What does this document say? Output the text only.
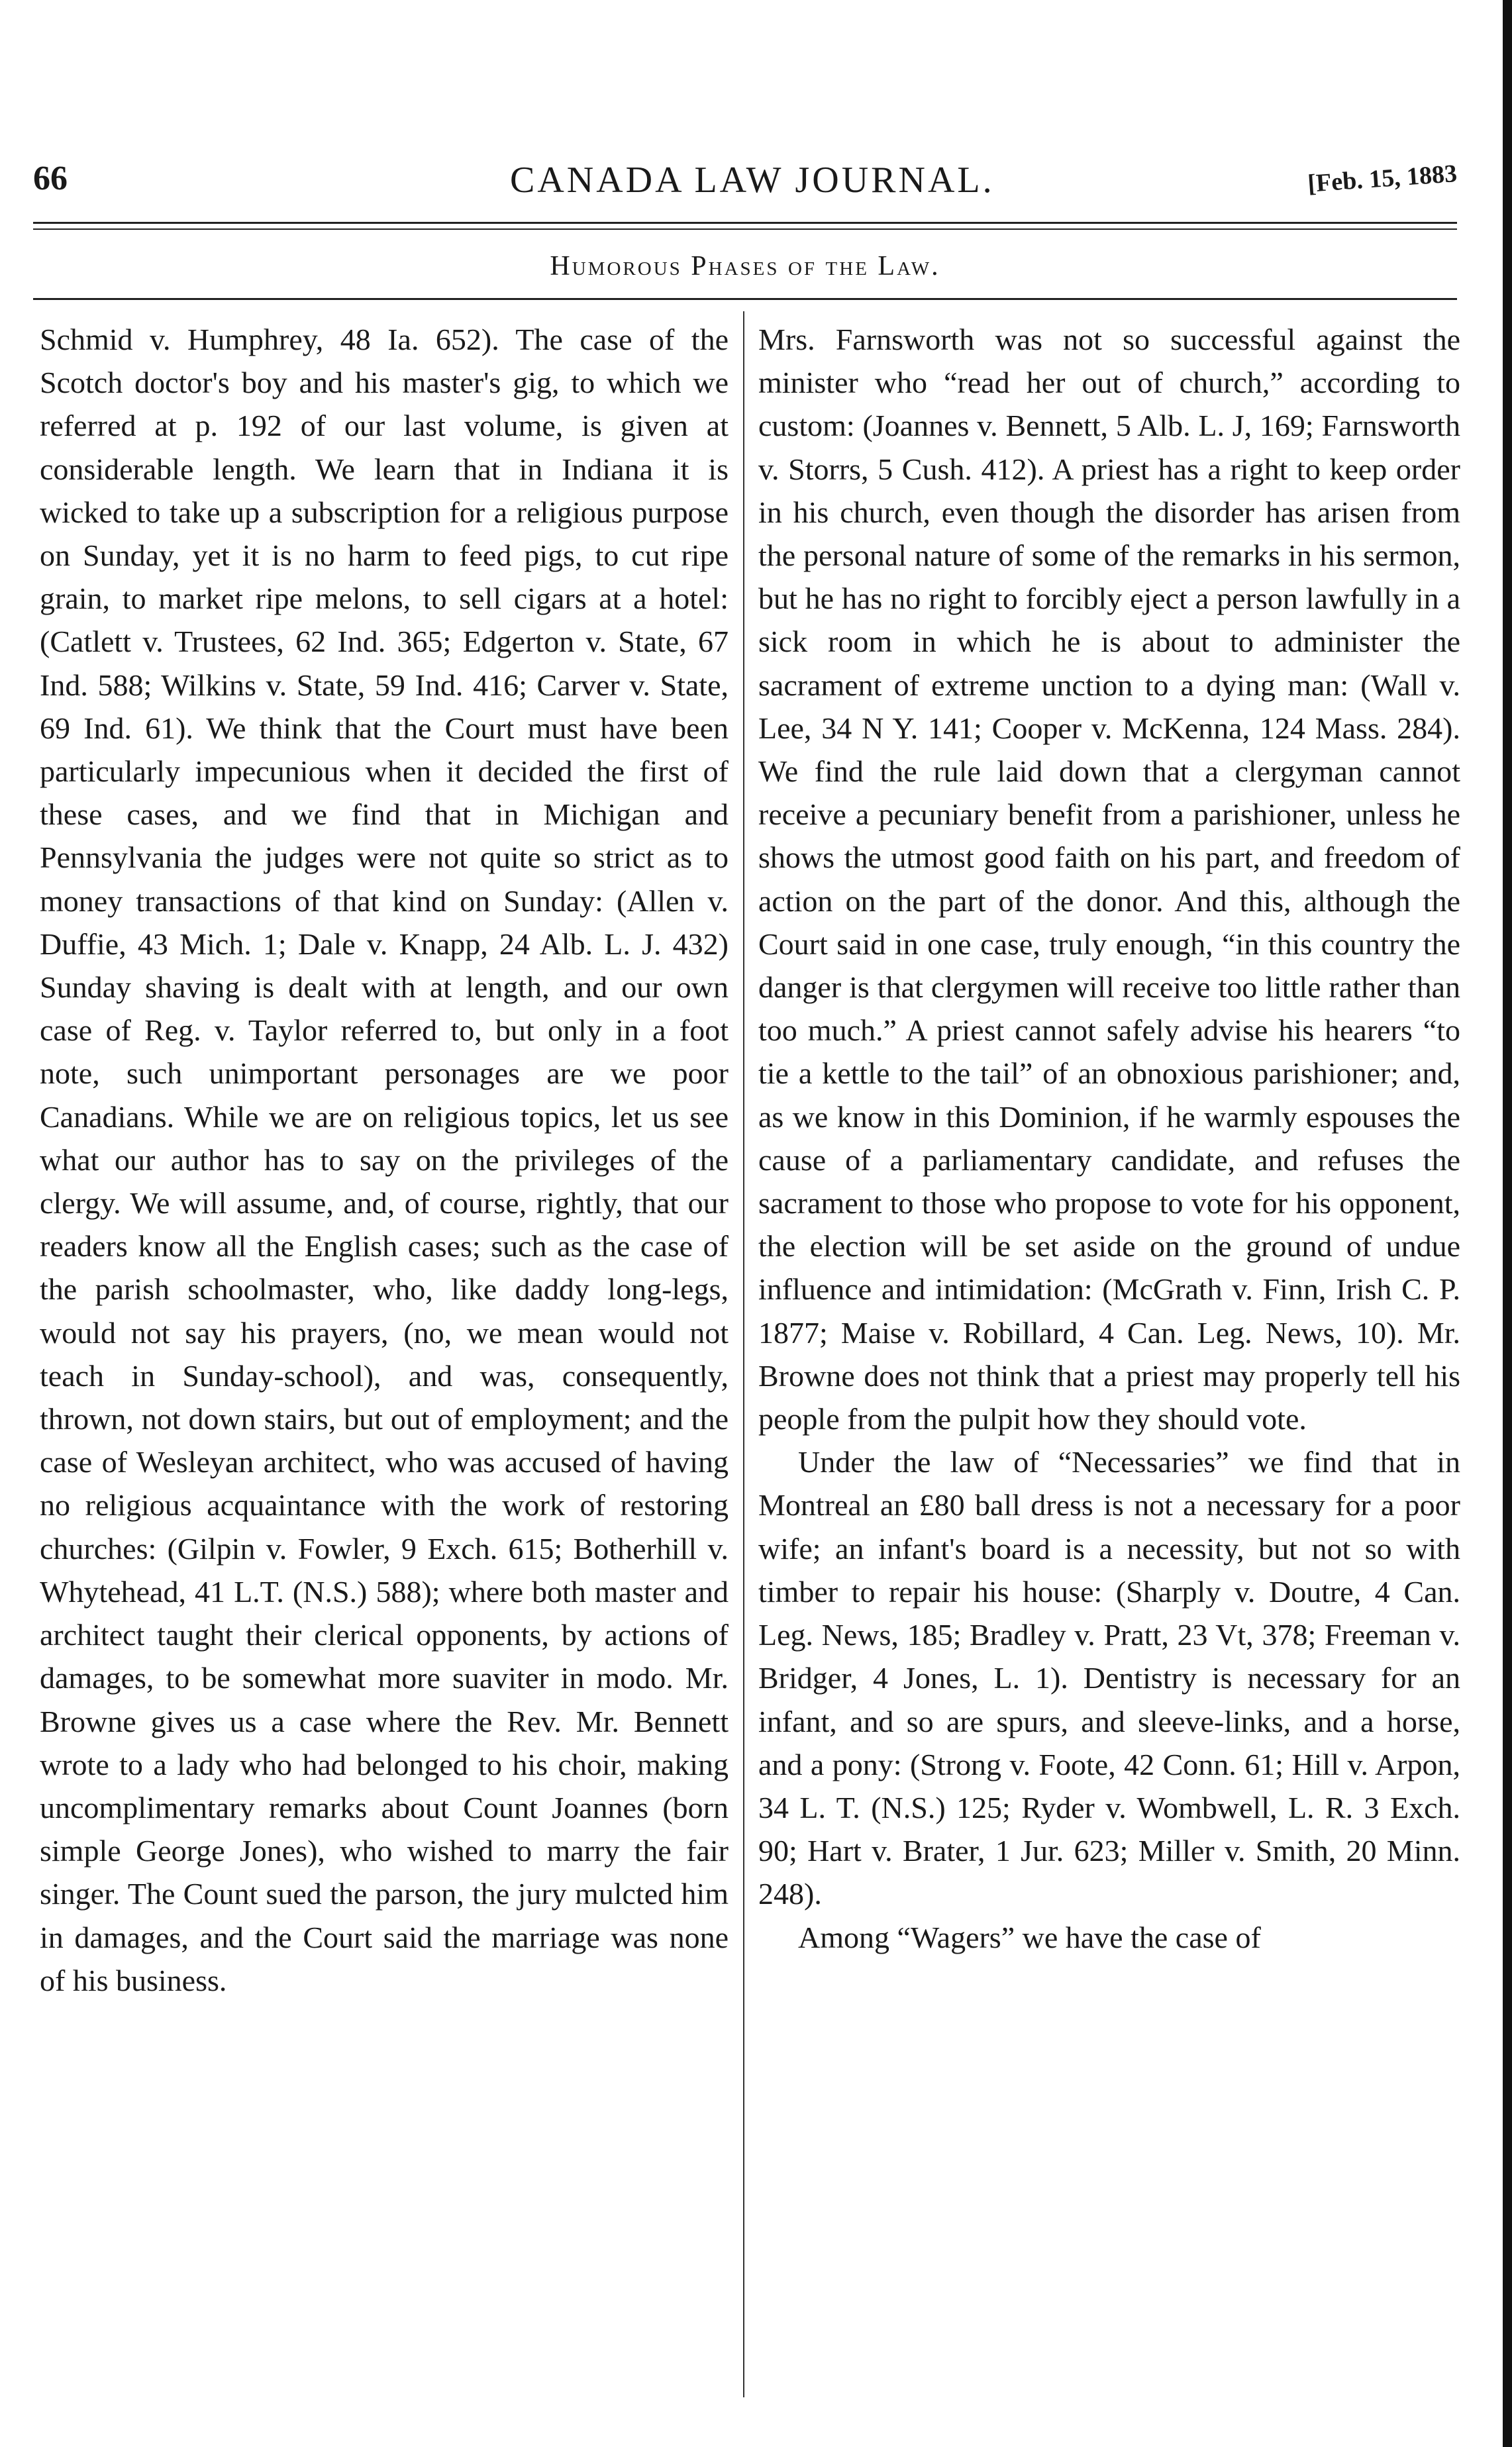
66	CANADA LAW JOURNAL.	[Feb. 15, 1883
Humorous Phases of the Law.

Schmid v. Humphrey, 48 Ia. 652). The case of the Scotch doctor's boy and his master's gig, to which we referred at p. 192 of our last volume, is given at considerable length. We learn that in Indiana it is wicked to take up a subscription for a religious purpose on Sunday, yet it is no harm to feed pigs, to cut ripe grain, to market ripe melons, to sell cigars at a hotel: (Catlett v. Trustees, 62 Ind. 365; Edgerton v. State, 67 Ind. 588; Wilkins v. State, 59 Ind. 416; Carver v. State, 69 Ind. 61). We think that the Court must have been particularly impecunious when it decided the first of these cases, and we find that in Michigan and Pennsylvania the judges were not quite so strict as to money transactions of that kind on Sunday: (Allen v. Duffie, 43 Mich. 1; Dale v. Knapp, 24 Alb. L. J. 432) Sunday shaving is dealt with at length, and our own case of Reg. v. Taylor referred to, but only in a foot note, such unimportant personages are we poor Canadians. While we are on religious topics, let us see what our author has to say on the privileges of the clergy. We will assume, and, of course, rightly, that our readers know all the English cases; such as the case of the parish schoolmaster, who, like daddy long-legs, would not say his prayers, (no, we mean would not teach in Sunday-school), and was, consequently, thrown, not down stairs, but out of employment; and the case of Wesleyan architect, who was accused of having no religious acquaintance with the work of restoring churches: (Gilpin v. Fowler, 9 Exch. 615; Botherhill v. Whytehead, 41 L.T. (N.S.) 588); where both master and architect taught their clerical opponents, by actions of damages, to be somewhat more suaviter in modo. Mr. Browne gives us a case where the Rev. Mr. Bennett wrote to a lady who had belonged to his choir, making uncomplimentary remarks about Count Joannes (born simple George Jones), who wished to marry the fair singer. The Count sued the parson, the jury mulcted him in damages, and the Court said the marriage was none of his business.

Mrs. Farnsworth was not so successful against the minister who “read her out of church,” according to custom: (Joannes v. Bennett, 5 Alb. L. J, 169; Farnsworth v. Storrs, 5 Cush. 412). A priest has a right to keep order in his church, even though the disorder has arisen from the personal nature of some of the remarks in his sermon, but he has no right to forcibly eject a person lawfully in a sick room in which he is about to administer the sacrament of extreme unction to a dying man: (Wall v. Lee, 34 N Y. 141; Cooper v. McKenna, 124 Mass. 284). We find the rule laid down that a clergyman cannot receive a pecuniary benefit from a parishioner, unless he shows the utmost good faith on his part, and freedom of action on the part of the donor. And this, although the Court said in one case, truly enough, “in this country the danger is that clergymen will receive too little rather than too much.” A priest cannot safely advise his hearers “to tie a kettle to the tail” of an obnoxious parishioner; and, as we know in this Dominion, if he warmly espouses the cause of a parliamentary candidate, and refuses the sacrament to those who propose to vote for his opponent, the election will be set aside on the ground of undue influence and intimidation: (McGrath v. Finn, Irish C. P. 1877; Maise v. Robillard, 4 Can. Leg. News, 10). Mr. Browne does not think that a priest may properly tell his people from the pulpit how they should vote.

Under the law of “Necessaries” we find that in Montreal an £80 ball dress is not a necessary for a poor wife; an infant's board is a necessity, but not so with timber to repair his house: (Sharply v. Doutre, 4 Can. Leg. News, 185; Bradley v. Pratt, 23 Vt, 378; Freeman v. Bridger, 4 Jones, L. 1). Dentistry is necessary for an infant, and so are spurs, and sleeve-links, and a horse, and a pony: (Strong v. Foote, 42 Conn. 61; Hill v. Arpon, 34 L. T. (N.S.) 125; Ryder v. Wombwell, L. R. 3 Exch. 90; Hart v. Brater, 1 Jur. 623; Miller v. Smith, 20 Minn. 248).

Among “Wagers” we have the case of
